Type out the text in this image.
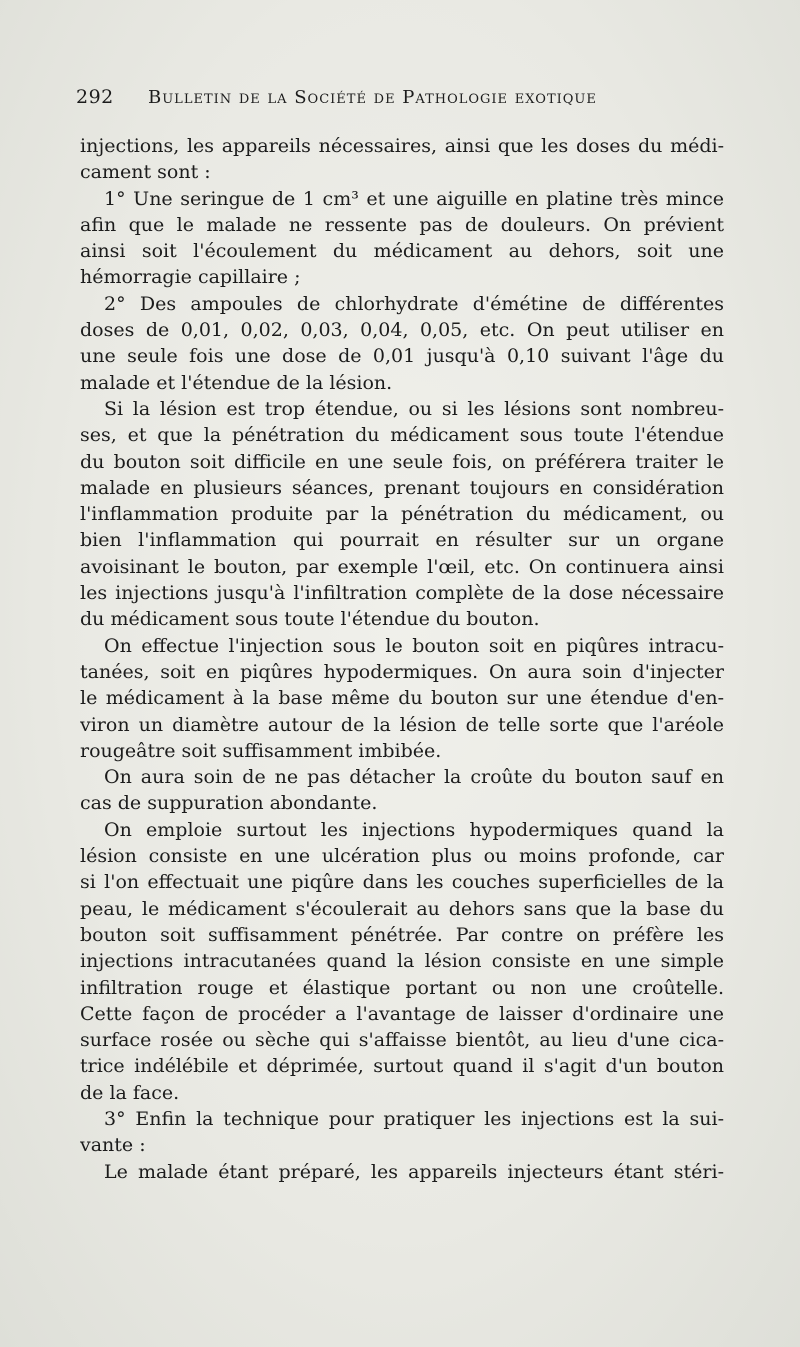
292	Bulletin de la Société de Pathologie exotique
injections, les appareils nécessaires, ainsi que les doses du médi-
cament sont :
1° Une seringue de 1 cm³ et une aiguille en platine très mince
afin que le malade ne ressente pas de douleurs. On prévient
ainsi soit l'écoulement du médicament au dehors, soit une
hémorragie capillaire ;
2° Des ampoules de chlorhydrate d'émétine de différentes
doses de 0,01, 0,02, 0,03, 0,04, 0,05, etc. On peut utiliser en
une seule fois une dose de 0,01 jusqu'à 0,10 suivant l'âge du
malade et l'étendue de la lésion.
Si la lésion est trop étendue, ou si les lésions sont nombreu-
ses, et que la pénétration du médicament sous toute l'étendue
du bouton soit difficile en une seule fois, on préférera traiter le
malade en plusieurs séances, prenant toujours en considération
l'inflammation produite par la pénétration du médicament, ou
bien l'inflammation qui pourrait en résulter sur un organe
avoisinant le bouton, par exemple l'œil, etc. On continuera ainsi
les injections jusqu'à l'infiltration complète de la dose nécessaire
du médicament sous toute l'étendue du bouton.
On effectue l'injection sous le bouton soit en piqûres intracu-
tanées, soit en piqûres hypodermiques. On aura soin d'injecter
le médicament à la base même du bouton sur une étendue d'en-
viron un diamètre autour de la lésion de telle sorte que l'aréole
rougeâtre soit suffisamment imbibée.
On aura soin de ne pas détacher la croûte du bouton sauf en
cas de suppuration abondante.
On emploie surtout les injections hypodermiques quand la
lésion consiste en une ulcération plus ou moins profonde, car
si l'on effectuait une piqûre dans les couches superficielles de la
peau, le médicament s'écoulerait au dehors sans que la base du
bouton soit suffisamment pénétrée. Par contre on préfère les
injections intracutanées quand la lésion consiste en une simple
infiltration rouge et élastique portant ou non une croûtelle.
Cette façon de procéder a l'avantage de laisser d'ordinaire une
surface rosée ou sèche qui s'affaisse bientôt, au lieu d'une cica-
trice indélébile et déprimée, surtout quand il s'agit d'un bouton
de la face.
3° Enfin la technique pour pratiquer les injections est la sui-
vante :
Le malade étant préparé, les appareils injecteurs étant stéri-
